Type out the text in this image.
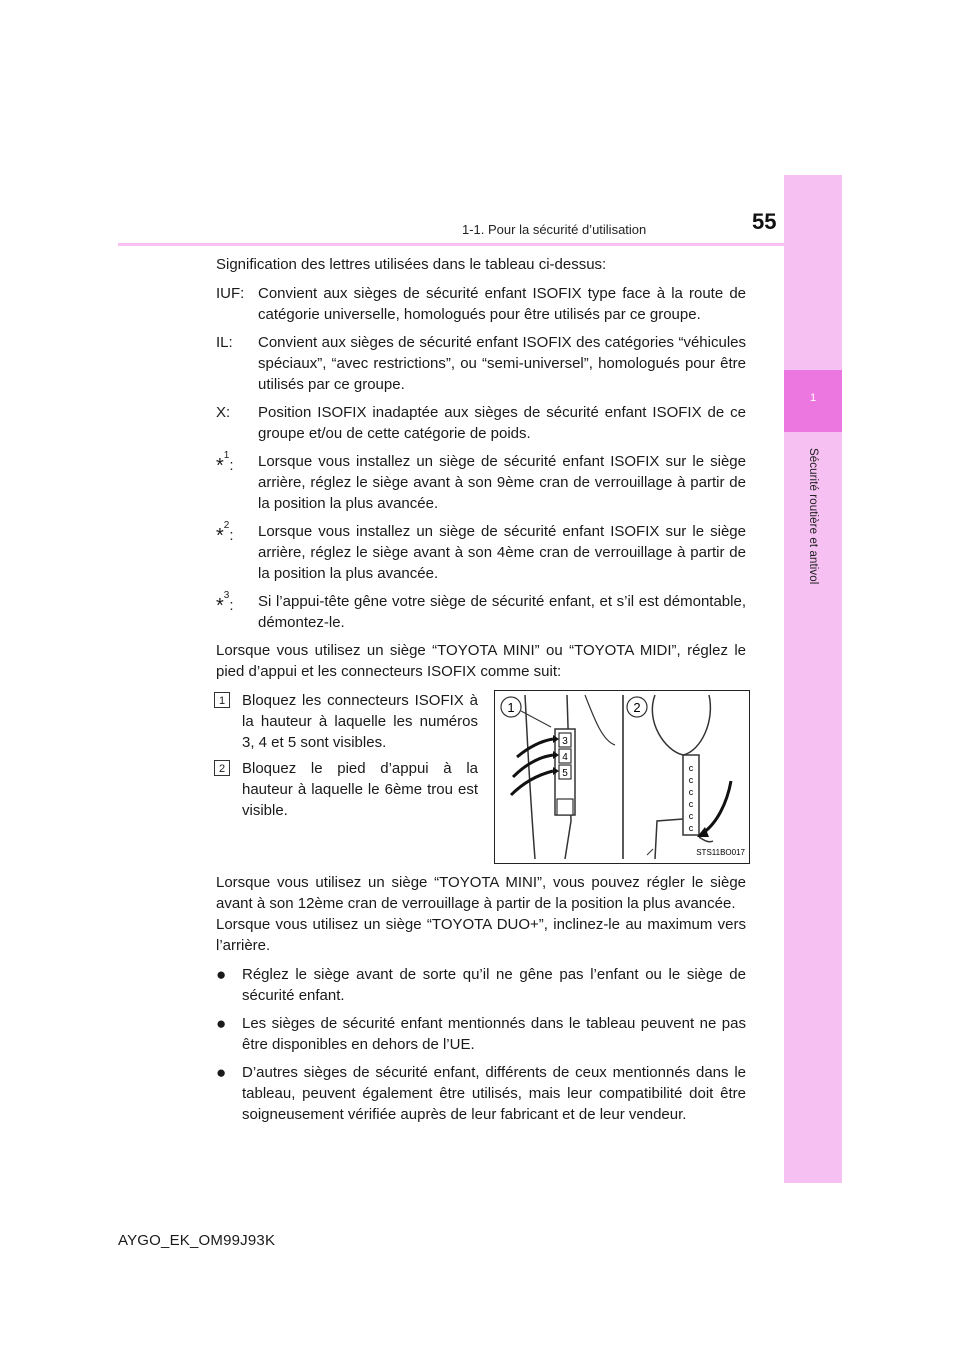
1
Sécurité routière et antivol
1-1. Pour la sécurité d’utilisation	55

Signification des lettres utilisées dans le tableau ci-dessus:

IUF: Convient aux sièges de sécurité enfant ISOFIX type face à la route de catégorie universelle, homologués pour être utilisés par ce groupe.
IL:	Convient aux sièges de sécurité enfant ISOFIX des catégories “véhicules spéciaux”, “avec restrictions”, ou “semi-universel”, homologués pour être utilisés par ce groupe.
X:	Position ISOFIX inadaptée aux sièges de sécurité enfant ISOFIX de ce groupe et/ou de cette catégorie de poids.
*$^1$:	Lorsque vous installez un siège de sécurité enfant ISOFIX sur le siège arrière, réglez le siège avant à son 9ème cran de verrouillage à partir de la position la plus avancée.
*$^2$:	Lorsque vous installez un siège de sécurité enfant ISOFIX sur le siège arrière, réglez le siège avant à son 4ème cran de verrouillage à partir de la position la plus avancée.
*$^3$:	Si l’appui-tête gêne votre siège de sécurité enfant, et s’il est démontable, démontez-le.

Lorsque vous utilisez un siège “TOYOTA MINI” ou “TOYOTA MIDI”, réglez le pied d’appui et les connecteurs ISOFIX comme suit:

1	Bloquez les connecteurs ISOFIX à la hauteur à laquelle les numéros 3, 4 et 5 sont visibles.
2	Bloquez le pied d’appui à la hauteur à laquelle le 6ème trou est visible.
3
4
5
1	2
c
c
c
c
c
c
STS11BO017

Lorsque vous utilisez un siège “TOYOTA MINI”, vous pouvez régler le siège avant à son 12ème cran de verrouillage à partir de la position la plus avancée.

Lorsque vous utilisez un siège “TOYOTA DUO+”, inclinez-le au maximum vers l’arrière.

●	Réglez le siège avant de sorte qu’il ne gêne pas l’enfant ou le siège de sécurité enfant.
●	Les sièges de sécurité enfant mentionnés dans le tableau peuvent ne pas être disponibles en dehors de l’UE.
●	D’autres sièges de sécurité enfant, différents de ceux mentionnés dans le tableau, peuvent également être utilisés, mais leur compatibilité doit être soigneusement vérifiée auprès de leur fabricant et de leur vendeur.
AYGO_EK_OM99J93K
